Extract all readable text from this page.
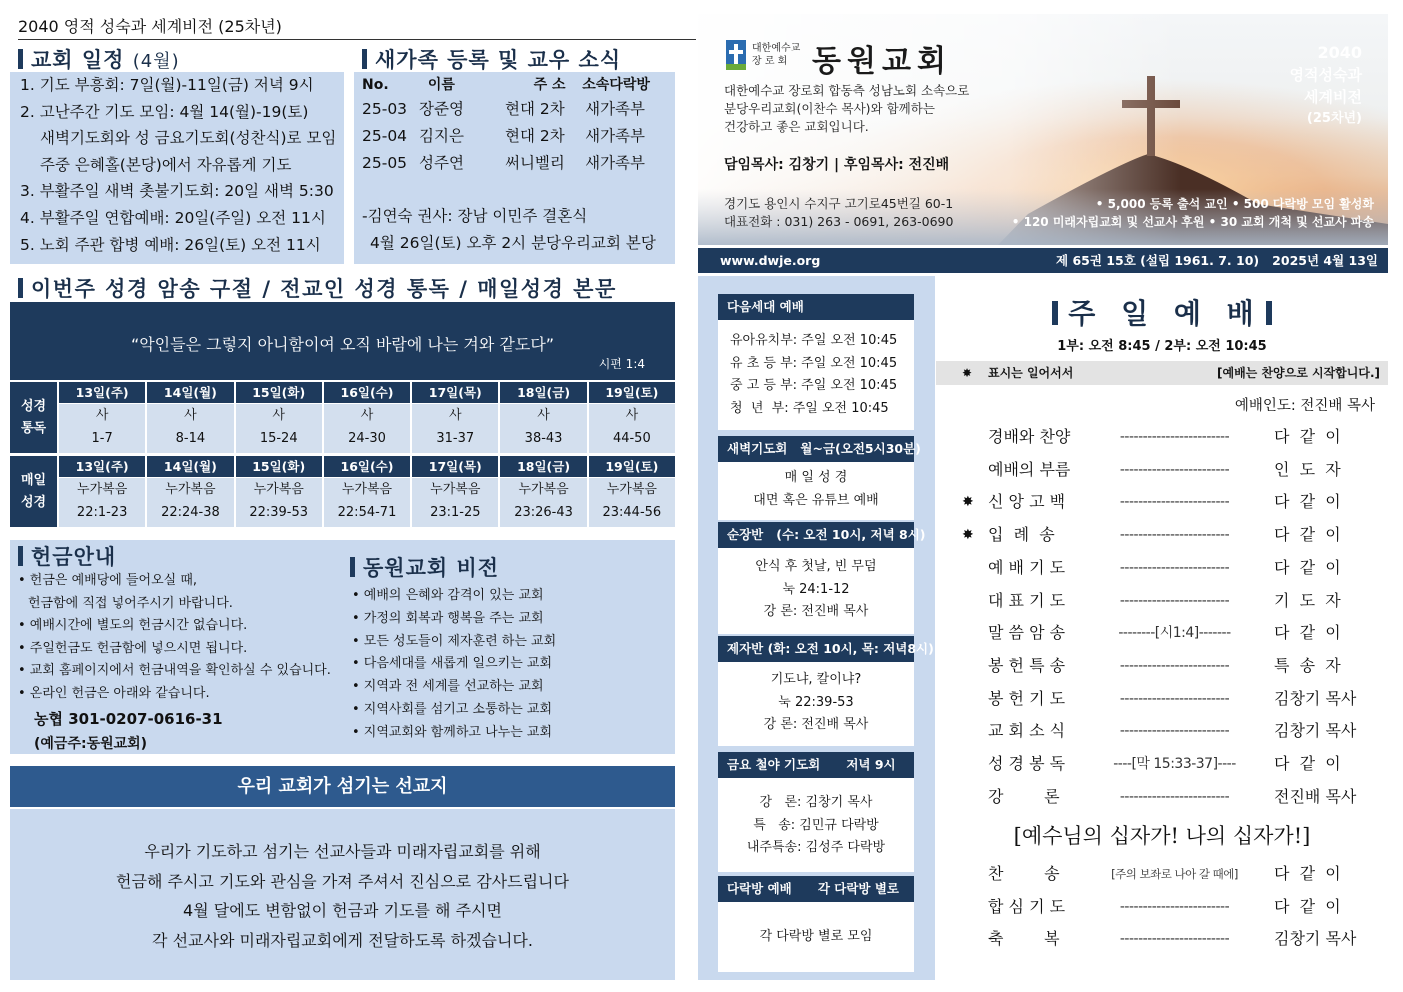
2040 영적 성숙과 세계비전 (25차년)
교회 일정 (4월)
1. 기도 부흥회: 7일(월)-11일(금) 저녁 9시
2. 고난주간 기도 모임: 4월 14(월)-19(토)
새벽기도회와 성 금요기도회(성찬식)로 모임
주중 은혜홀(본당)에서 자유롭게 기도
3. 부활주일 새벽 촛불기도회: 20일 새벽 5:30
4. 부활주일 연합예배: 20일(주일) 오전 11시
5. 노회 주관 합병 예배: 26일(토) 오전 11시
새가족 등록 및 교우 소식
No.	이름	주 소	소속다락방
25-03 장준영	현대 2차	새가족부
25-04 김지은	현대 2차	새가족부
25-05 성주연	써니벨리	새가족부
-김연숙 권사: 장남 이민주 결혼식
4월 26일(토) 오후 2시 분당우리교회 본당
이번주 성경 암송 구절 / 전교인 성경 통독 / 매일성경 본문
“악인들은 그렇지 아니함이여 오직 바람에 나는 겨와 같도다”
시편 1:4
성경
통독
13일(주)	14일(월)	15일(화)	16일(수)	17일(목)	18일(금)	19일(토)
사	사	사	사	사	사	사
1-7	8-14	15-24	24-30	31-37	38-43	44-50
매일
성경
13일(주)	14일(월)	15일(화)	16일(수)	17일(목)	18일(금)	19일(토)
누가복음	누가복음	누가복음	누가복음	누가복음	누가복음	누가복음
22:1-23	22:24-38	22:39-53	22:54-71	23:1-25	23:26-43	23:44-56
헌금안내
• 헌금은 예배당에 들어오실 때,
헌금함에 직접 넣어주시기 바랍니다.
• 예배시간에 별도의 헌금시간 없습니다.
• 주일헌금도 헌금함에 넣으시면 됩니다.
• 교회 홈페이지에서 헌금내역을 확인하실 수 있습니다.
• 온라인 헌금은 아래와 같습니다.
농협 301-0207-0616-31
(예금주:동원교회)
동원교회 비전
• 예배의 은혜와 감격이 있는 교회
• 가정의 회복과 행복을 주는 교회
• 모든 성도들이 제자훈련 하는 교회
• 다음세대를 새롭게 일으키는 교회
• 지역과 전 세계를 선교하는 교회
• 지역사회를 섬기고 소통하는 교회
• 지역교회와 함께하고 나누는 교회
우리 교회가 섬기는 선교지
우리가 기도하고 섬기는 선교사들과 미래자립교회를 위해
헌금해 주시고 기도와 관심을 가져 주셔서 진심으로 감사드립니다
4월 달에도 변함없이 헌금과 기도를 해 주시면
각 선교사와 미래자립교회에게 전달하도록 하겠습니다.
대한예수교
장 로 회 동원교회
대한예수교 장로회 합동측 성남노회 소속으로
분당우리교회(이찬수 목사)와 함께하는
건강하고 좋은 교회입니다.
담임목사: 김창기 | 후임목사: 전진배
2040
영적성숙과
세계비전
(25차년)
경기도 용인시 수지구 고기로45번길 60-1
대표전화 : 031) 263 - 0691, 263-0690
• 5,000 등록 출석 교인 • 500 다락방 모임 활성화
• 120 미래자립교회 및 선교사 후원 • 30 교회 개척 및 선교사 파송
www.dwje.org	제 65권 15호 (설립 1961. 7. 10)   2025년 4월 13일
다음세대 예배
유아유치부: 주일 오전 10:45
유 초 등 부: 주일 오전 10:45
중 고 등 부: 주일 오전 10:45
청  년  부: 주일 오전 10:45
새벽기도회   월~금(오전5시30분)
매 일 성 경
대면 혹은 유튜브 예배
순장반   (수: 오전 10시, 저녁 8시)
안식 후 첫날, 빈 무덤
눅 24:1-12
강 론: 전진배 목사
제자반 (화: 오전 10시, 목: 저녁8시)
기도냐, 칼이냐?
눅 22:39-53
강 론: 전진배 목사
금요 철야 기도회      저녁 9시
강   론: 김창기 목사
특   송: 김민규 다락방
내주특송: 김성주 다락방
다락방 예배      각 다락방 별로
각 다락방 별로 모임
주 일 예 배
1부: 오전 8:45 / 2부: 오전 10:45
✸ 표시는 일어서서	[예배는 찬양으로 시작합니다.]
예배인도: 전진배 목사
경배와 찬양	------------------------	다  같  이
예배의 부름	------------------------	인  도  자
✸ 신 앙 고 백	------------------------	다  같  이
✸ 입  례  송	------------------------	다  같  이
예 배 기 도	------------------------	다  같  이
대 표 기 도	------------------------	기  도  자
말 씀 암 송	--------[시1:4]-------	다  같  이
봉 헌 특 송	------------------------	특  송  자
봉 헌 기 도	------------------------	김창기 목사
교 회 소 식	------------------------	김창기 목사
성 경 봉 독	----[막 15:33-37]----	다  같  이
강        론	------------------------	전진배 목사
[예수님의 십자가! 나의 십자가!]
찬        송	[주의 보좌로 나아 갈 때에]	다  같  이
합 심 기 도	------------------------	다  같  이
축        복	------------------------	김창기 목사
